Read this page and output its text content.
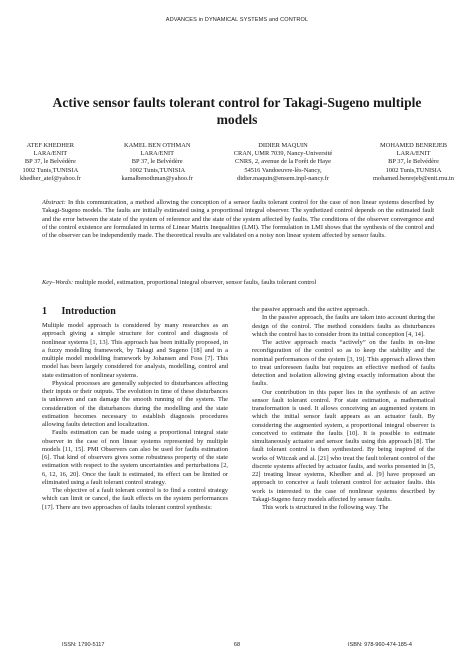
ADVANCES in DYNAMICAL SYSTEMS and CONTROL
Active sensor faults tolerant control for Takagi-Sugeno multiple
models
ATEF KHEDHER
LARA/ENIT
BP 37, le Belvédère
1002 Tunis,TUNISIA
khedher_atef@yahoo.fr
KAMEL BEN OTHMAN
LARA/ENIT
BP 37, le Belvédère
1002 Tunis,TUNISIA
kamalbenothman@yahoo.fr
DIDIER MAQUIN
CRAN, UMR 7039, Nancy-Université
CNRS, 2, avenue de la Forêt de Haye
54516 Vandoeuvre-lès-Nancy,
didier.maquin@ensem.inpl-nancy.fr
MOHAMED BENREJEB
LARA/ENIT
BP 37, le Belvédère
1002 Tunis,TUNISIA
mohamed.benrejeb@enit.rnu.tn
Abstract: In this communication, a method allowing the conception of a sensor faults tolerant control for the case of non linear systems described by Takagi-Sugeno models. The faults are initially estimated using a proportional integral observer. The synthetized control depends on the estimated fault and the error between the state of the system of reference and the state of the system affected by faults. The conditions of the observer convergence and of the control existence are formulated in terms of Linear Matrix Inequalities (LMI). The formulation in LMI shows that the synthesis of the control and of the observer can be independently made. The theoretical results are validated on a noisy non linear system affected by sensor faults.
Key–Words: multiple model, estimation, proportional integral observer, sensor faults, faults tolerant control
1 Introduction

Multiple model approach is considered by many researches as an approach giving a simple structure for control and diagnosis of nonlinear systems [1, 13]. This approach has been initially proposed, in a fuzzy modelling framework, by Takagi and Sugeno [18] and in a multiple model modelling framework by Johansen and Foss [7]. This model has been largely considered for analysis, modelling, control and state estimation of nonlinear systems.

Physical processes are generally subjected to disturbances affecting their inputs or their outputs. The evolution in time of these disturbances is unknown and can damage the smooth running of the system. The consideration of the disturbances during the modelling and the state estimation becomes necessary to establish diagnosis procedures allowing faults detection and localization.

Faults estimation can be made using a proportional integral state observer in the case of non linear systems represented by multiple models [11, 15]. PMI Observers can also be used for faults estimation [6]. That kind of observers gives some robustness property of the state estimation with respect to the system uncertainties and perturbations [2, 6, 12, 16, 20]. Once the fault is estimated, its effect can be limited or eliminated using a fault tolerant control strategy.

The objective of a fault tolerant control is to find a control strategy which can limit or cancel, the fault effects on the system performances [17]. There are two approaches of faults tolerant control synthesis:

the passive approach and the active approach.

In the passive approach, the faults are taken into account during the design of the control. The method considers faults as disturbances which the control has to consider from its initial conception [4, 14].

The active approach reacts “actively” on the faults in on-line reconfiguration of the control so as to keep the stability and the nominal performances of the system [3, 19]. This approach allows then to treat unforeseen faults but requires an effective method of faults detection and isolation allowing giving exactly information about the faults.

Our contribution in this paper lies in the synthesis of an active sensor fault tolerant control. For state estimation, a mathematical transformation is used. It allows conceiving an augmented system in which the initial sensor fault appears as an actuator fault. By considering the augmented system, a proportional integral observer is conceived to estimate the faults [10]. It is possible to estimate simultaneously actuator and sensor faults using this approach [8]. The fault tolerant control is then synthesized. By being inspired of the works of Witczak and al. [21] who treat the fault tolerant control of the discrete systems affected by actuator faults, and works presented in [5, 22] treating linear systems, Khedher and al. [9] have proposed an approach to conceive a fault tolerant control for actuator faults. this work is interested to the case of nonlinear systems described by Takagi-Sugeno fuzzy models affected by sensor faults.

This work is structured in the following way. The

ISSN: 1790-5117	68	ISBN: 978-960-474-185-4
